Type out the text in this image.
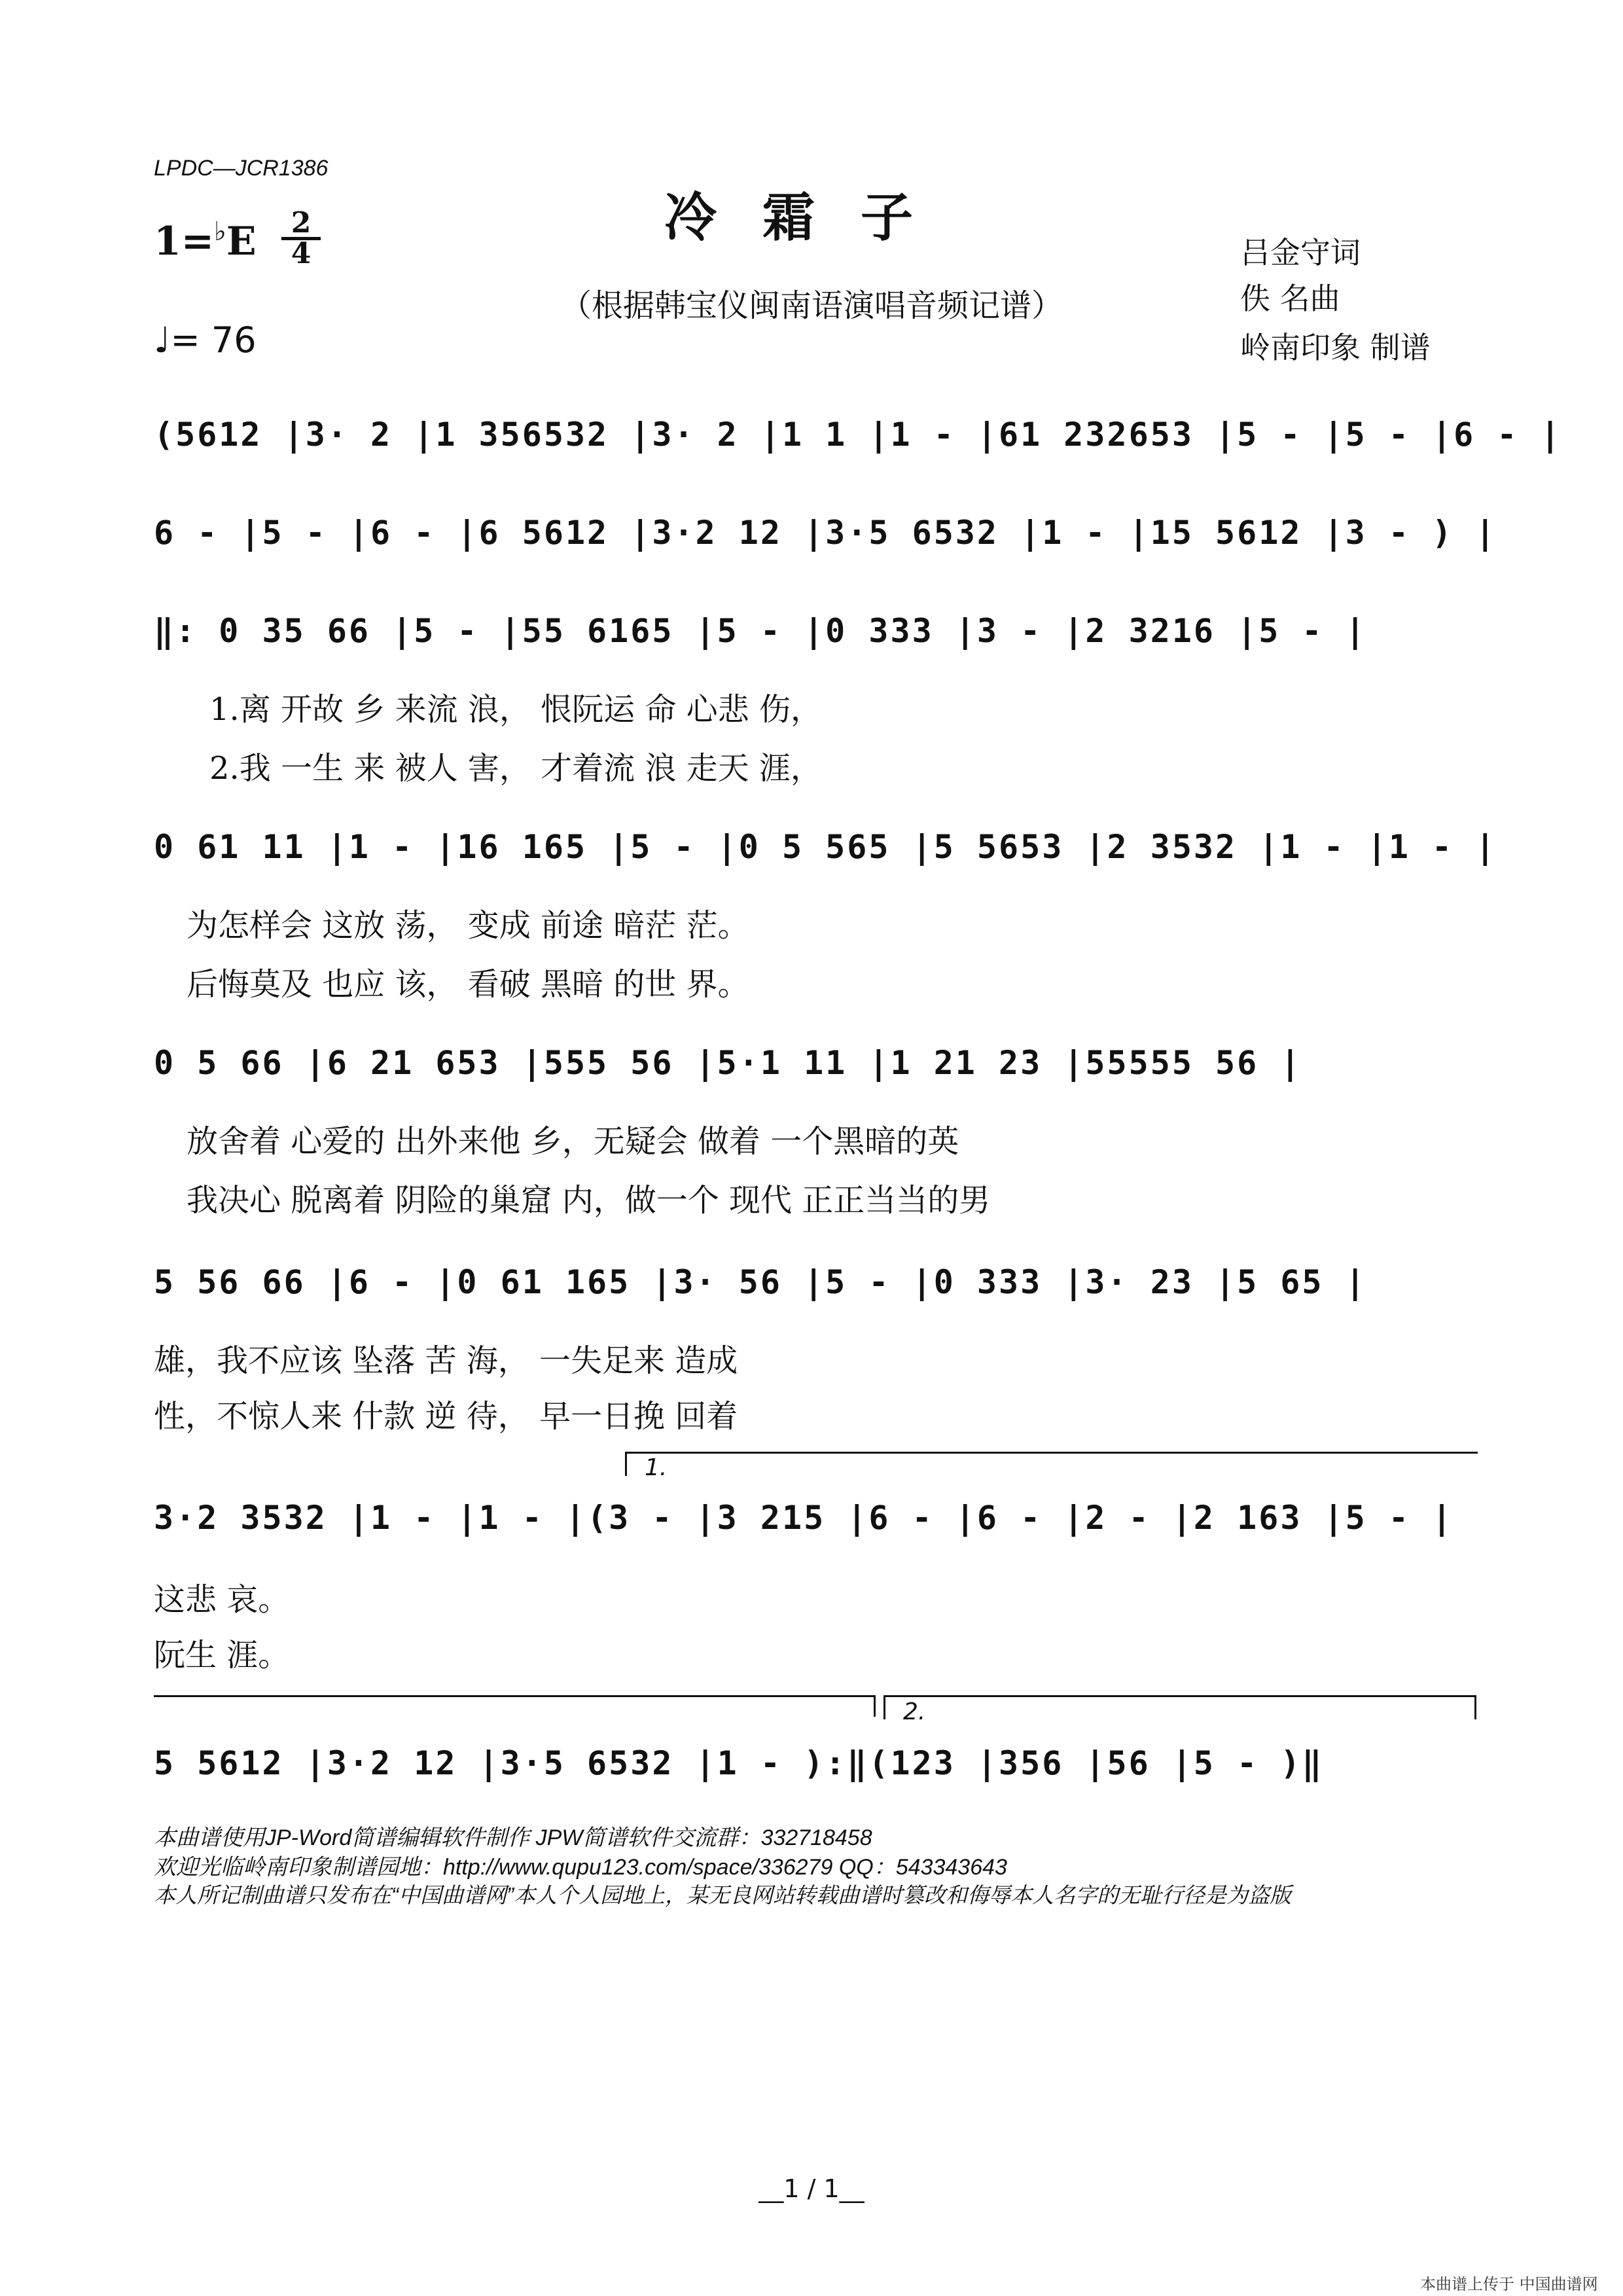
LPDC—JCR1386
冷霜子
（根据韩宝仪闽南语演唱音频记谱）
1=♭E	2
4
♩= 76
吕金守词
佚 名曲
岭南印象 制谱
(5612 |3· 2 |1 356532 |3· 2 |1 1 |1 - |61 232653 |5 - |5 - |6 - |
6 - |5 - |6 - |6 5612 |3·2 12 |3·5 6532 |1 - |15 5612 |3 - ) |
‖: 0 35 66 |5 - |55 6165 |5 - |0 333 |3 - |2 3216 |5 - |
1.离 开故 乡 来流 浪， 恨阮运 命 心悲 伤，
2.我 一生 来 被人 害， 才着流 浪 走天 涯，
0 61 11 |1 - |16 165 |5 - |0 5 565 |5 5653 |2 3532 |1 - |1 - |
为怎样会 这放 荡， 变成 前途 暗茫 茫。
后悔莫及 也应 该， 看破 黑暗 的世 界。
0 5 66 |6 21 653 |555 56 |5·1 11 |1 21 23 |55555 56 |
放舍着 心爱的 出外来他 乡，无疑会 做着 一个黑暗的英
我决心 脱离着 阴险的巢窟 内，做一个 现代 正正当当的男
5 56 66 |6 - |0 61 165 |3· 56 |5 - |0 333 |3· 23 |5 65 |
雄，我不应该 坠落 苦 海， 一失足来 造成
性，不惊人来 什款 逆 待， 早一日挽 回着
1.
3·2 3532 |1 - |1 - |(3 - |3 215 |6 - |6 - |2 - |2 163 |5 - |
这悲 哀。
阮生 涯。
2.
5 5612 |3·2 12 |3·5 6532 |1 - ):‖(123 |356 |56 |5 - )‖
本曲谱使用JP-Word简谱编辑软件制作 JPW简谱软件交流群：332718458
欢迎光临岭南印象制谱园地：http://www.qupu123.com/space/336279 QQ：543343643
本人所记制曲谱只发布在“中国曲谱网”本人个人园地上，某无良网站转载曲谱时篡改和侮辱本人名字的无耻行径是为盗版
__1 / 1__
本曲谱上传于 中国曲谱网
